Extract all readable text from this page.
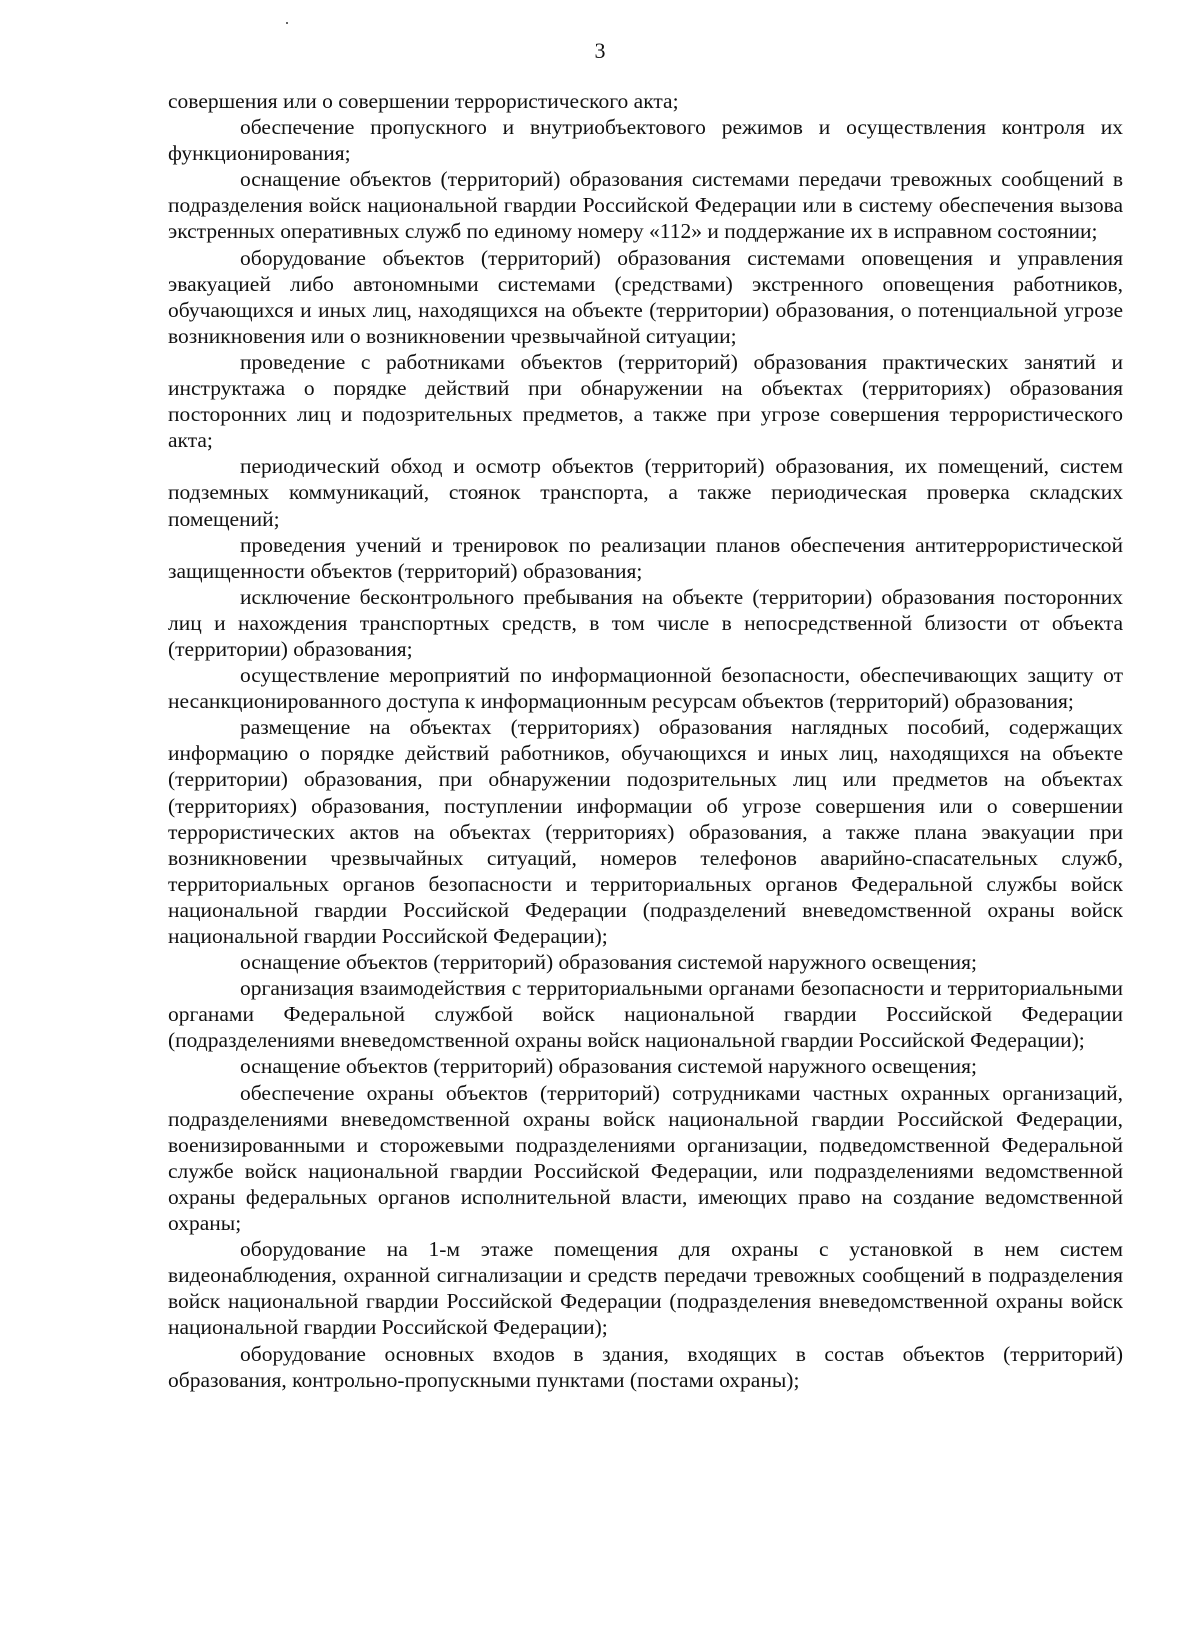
3

совершения или о совершении террористического акта;

обеспечение пропускного и внутриобъектового режимов и осуществления контроля их функционирования;

оснащение объектов (территорий) образования системами передачи тревожных сообщений в подразделения войск национальной гвардии Российской Федерации или в систему обеспечения вызова экстренных оперативных служб по единому номеру «112» и поддержание их в исправном состоянии;

оборудование объектов (территорий) образования системами оповещения и управления эвакуацией либо автономными системами (средствами) экстренного оповещения работников, обучающихся и иных лиц, находящихся на объекте (территории) образования, о потенциальной угрозе возникновения или о возникновении чрезвычайной ситуации;

проведение с работниками объектов (территорий) образования практических занятий и инструктажа о порядке действий при обнаружении на объектах (территориях) образования посторонних лиц и подозрительных предметов, а также при угрозе совершения террористического акта;

периодический обход и осмотр объектов (территорий) образования, их помещений, систем подземных коммуникаций, стоянок транспорта, а также периодическая проверка складских помещений;

проведения учений и тренировок по реализации планов обеспечения антитеррористической защищенности объектов (территорий) образования;

исключение бесконтрольного пребывания на объекте (территории) образования посторонних лиц и нахождения транспортных средств, в том числе в непосредственной близости от объекта (территории) образования;

осуществление мероприятий по информационной безопасности, обеспечивающих защиту от несанкционированного доступа к информационным ресурсам объектов (территорий) образования;

размещение на объектах (территориях) образования наглядных пособий, содержащих информацию о порядке действий работников, обучающихся и иных лиц, находящихся на объекте (территории) образования, при обнаружении подозрительных лиц или предметов на объектах (территориях) образования, поступлении информации об угрозе совершения или о совершении террористических актов на объектах (территориях) образования, а также плана эвакуации при возникновении чрезвычайных ситуаций, номеров телефонов аварийно-спасательных служб, территориальных органов безопасности и территориальных органов Федеральной службы войск национальной гвардии Российской Федерации (подразделений вневедомственной охраны войск национальной гвардии Российской Федерации);

оснащение объектов (территорий) образования системой наружного освещения;

организация взаимодействия с территориальными органами безопасности и территориальными органами Федеральной службой войск национальной гвардии Российской Федерации (подразделениями вневедомственной охраны войск национальной гвардии Российской Федерации);

оснащение объектов (территорий) образования системой наружного освещения;

обеспечение охраны объектов (территорий) сотрудниками частных охранных организаций, подразделениями вневедомственной охраны войск национальной гвардии Российской Федерации, военизированными и сторожевыми подразделениями организации, подведомственной Федеральной службе войск национальной гвардии Российской Федерации, или подразделениями ведомственной охраны федеральных органов исполнительной власти, имеющих право на создание ведомственной охраны;

оборудование на 1-м этаже помещения для охраны с установкой в нем систем видеонаблюдения, охранной сигнализации и средств передачи тревожных сообщений в подразделения войск национальной гвардии Российской Федерации (подразделения вневедомственной охраны войск национальной гвардии Российской Федерации);

оборудование основных входов в здания, входящих в состав объектов (территорий) образования, контрольно-пропускными пунктами (постами охраны);
